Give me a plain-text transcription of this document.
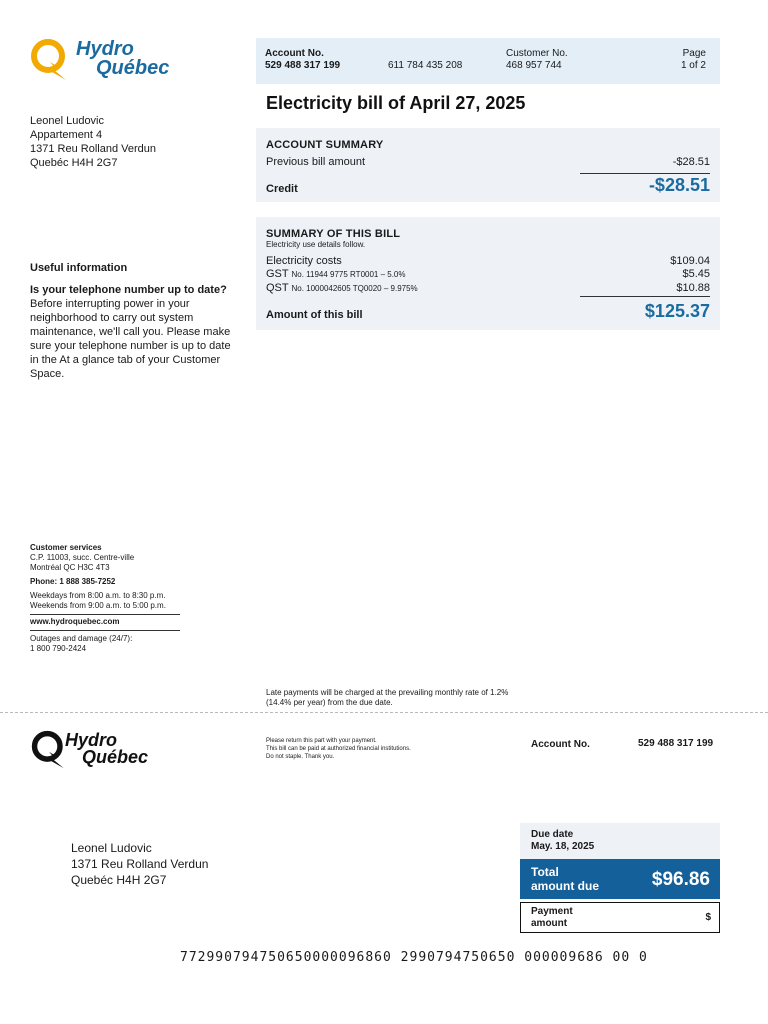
Hydro
Québec
Account No.
529 488 317 199	611 784 435 208
Customer No.
468 957 744
Page
1 of 2
Electricity bill of April 27, 2025
Leonel Ludovic
Appartement 4
1371 Reu Rolland Verdun
Quebéc H4H 2G7
ACCOUNT SUMMARY
Previous bill amount	-$28.51
Credit	-$28.51
SUMMARY OF THIS BILL
Electricity use details follow.
Electricity costs	$109.04
GST No. 11944 9775 RT0001 – 5.0%	$5.45
QST No. 1000042605 TQ0020 – 9.975%	$10.88
Amount of this bill	$125.37
Useful information
Is your telephone number up to date?
Before interrupting power in your
neighborhood to carry out system
maintenance, we'll call you. Please make
sure your telephone number is up to date
in the At a glance tab of your Customer
Space.
Customer services
C.P. 11003, succ. Centre-ville
Montréal QC H3C 4T3
Phone: 1 888 385-7252
Weekdays from 8:00 a.m. to 8:30 p.m.
Weekends from 9:00 a.m. to 5:00 p.m.
www.hydroquebec.com
Outages and damage (24/7):
1 800 790-2424
Late payments will be charged at the prevailing monthly rate of 1.2%
(14.4% per year) from the due date.
Hydro
Québec
Please return this part with your payment.
This bill can be paid at authorized financial institutions.
Do not staple. Thank you.
Account No.	529 488 317 199
Leonel Ludovic
1371 Reu Rolland Verdun
Quebéc H4H 2G7
Due date
May. 18, 2025
Total
amount due	$96.86
Payment
amount
$
772990794750650000096860 2990794750650 000009686 00 0
